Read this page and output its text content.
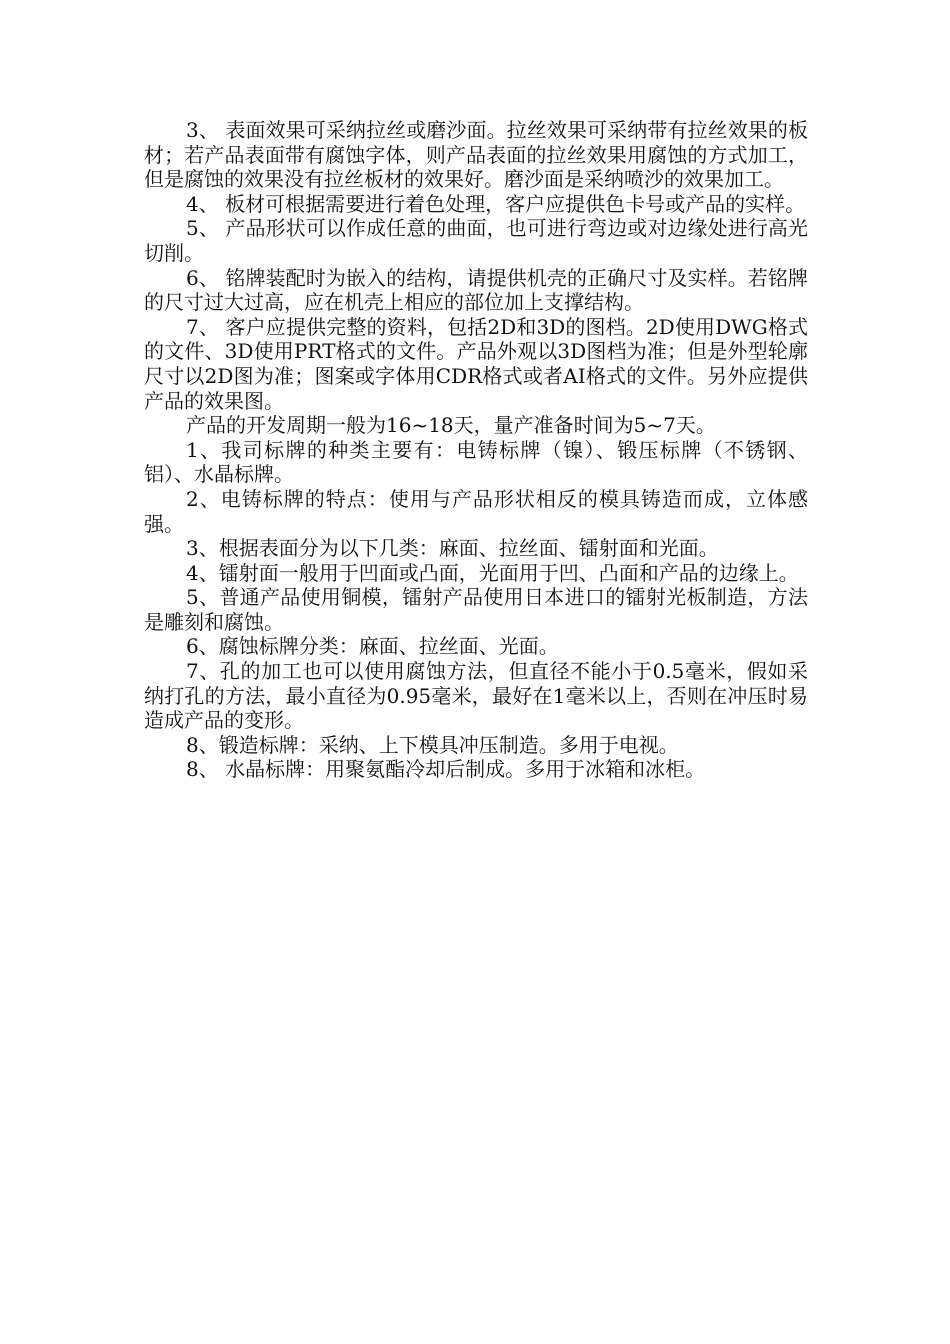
3、 表面效果可采纳拉丝或磨沙面。拉丝效果可采纳带有拉丝效果的板材；若产品表面带有腐蚀字体，则产品表面的拉丝效果用腐蚀的方式加工，但是腐蚀的效果没有拉丝板材的效果好。磨沙面是采纳喷沙的效果加工。

4、 板材可根据需要进行着色处理，客户应提供色卡号或产品的实样。

5、 产品形状可以作成任意的曲面，也可进行弯边或对边缘处进行高光切削。

6、 铭牌装配时为嵌入的结构，请提供机壳的正确尺寸及实样。若铭牌的尺寸过大过高，应在机壳上相应的部位加上支撑结构。

7、 客户应提供完整的资料，包括2D和3D的图档。2D使用DWG格式的文件、3D使用PRT格式的文件。产品外观以3D图档为准；但是外型轮廓尺寸以2D图为准；图案或字体用CDR格式或者AI格式的文件。另外应提供产品的效果图。

产品的开发周期一般为16~18天，量产准备时间为5~7天。

1、我司标牌的种类主要有：电铸标牌（镍）、锻压标牌（不锈钢、铝）、水晶标牌。

2、电铸标牌的特点：使用与产品形状相反的模具铸造而成，立体感强。

3、根据表面分为以下几类：麻面、拉丝面、镭射面和光面。

4、镭射面一般用于凹面或凸面，光面用于凹、凸面和产品的边缘上。

5、普通产品使用铜模，镭射产品使用日本进口的镭射光板制造，方法是雕刻和腐蚀。

6、腐蚀标牌分类：麻面、拉丝面、光面。

7、孔的加工也可以使用腐蚀方法，但直径不能小于0.5毫米，假如采纳打孔的方法，最小直径为0.95毫米，最好在1毫米以上，否则在冲压时易造成产品的变形。

8、锻造标牌：采纳、上下模具冲压制造。多用于电视。

8、 水晶标牌：用聚氨酯冷却后制成。多用于冰箱和冰柜。
